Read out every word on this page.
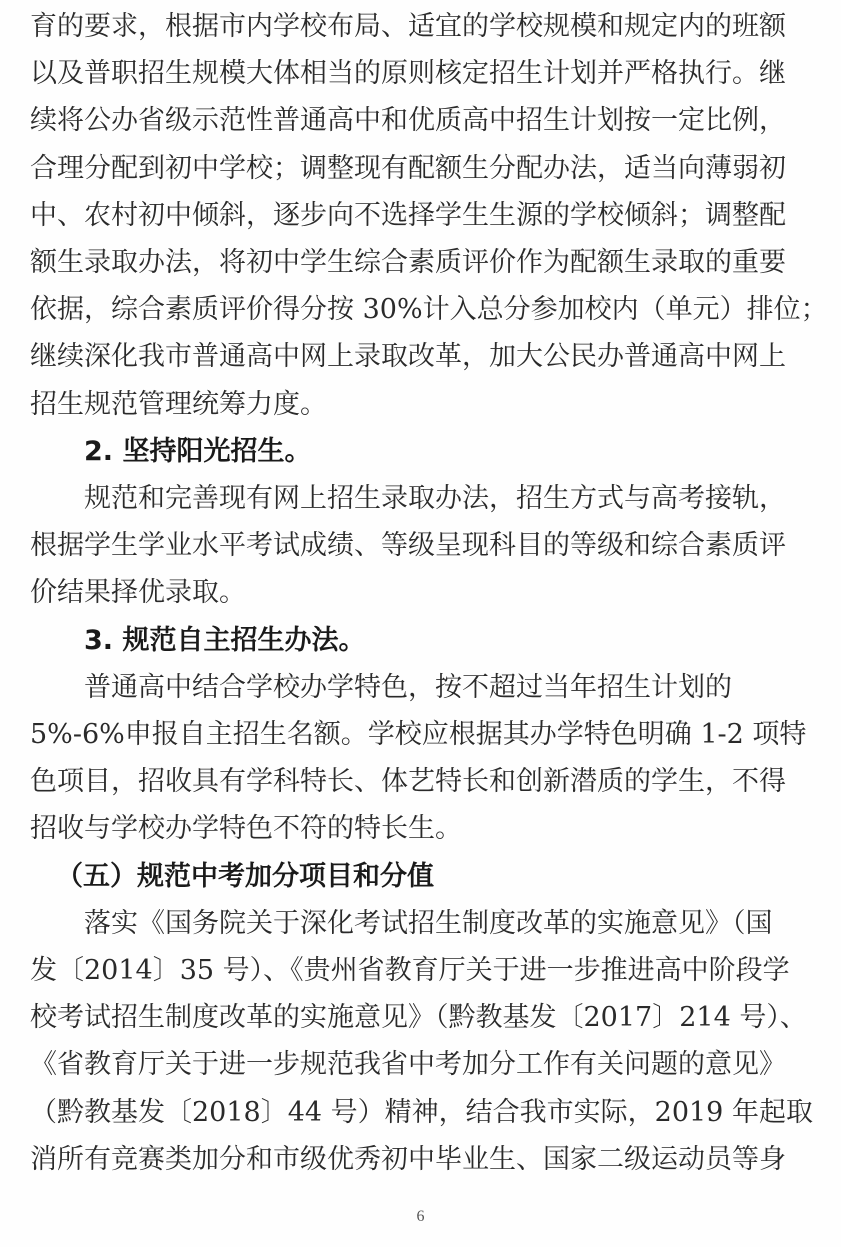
6
育的要求，根据市内学校布局、适宜的学校规模和规定内的班额
以及普职招生规模大体相当的原则核定招生计划并严格执行。继
续将公办省级示范性普通高中和优质高中招生计划按一定比例，
合理分配到初中学校；调整现有配额生分配办法，适当向薄弱初
中、农村初中倾斜，逐步向不选择学生生源的学校倾斜；调整配
额生录取办法，将初中学生综合素质评价作为配额生录取的重要
依据，综合素质评价得分按 30%计入总分参加校内（单元）排位；
继续深化我市普通高中网上录取改革，加大公民办普通高中网上
招生规范管理统筹力度。
2. 坚持阳光招生。
规范和完善现有网上招生录取办法，招生方式与高考接轨，
根据学生学业水平考试成绩、等级呈现科目的等级和综合素质评
价结果择优录取。
3. 规范自主招生办法。
普通高中结合学校办学特色，按不超过当年招生计划的
5%-6%申报自主招生名额。学校应根据其办学特色明确 1-2 项特
色项目，招收具有学科特长、体艺特长和创新潜质的学生，不得
招收与学校办学特色不符的特长生。
（五）规范中考加分项目和分值
落实《国务院关于深化考试招生制度改革的实施意见》（国
发〔2014〕35 号）、《贵州省教育厅关于进一步推进高中阶段学
校考试招生制度改革的实施意见》（黔教基发〔2017〕214 号）、
《省教育厅关于进一步规范我省中考加分工作有关问题的意见》
（黔教基发〔2018〕44 号）精神，结合我市实际，2019 年起取
消所有竞赛类加分和市级优秀初中毕业生、国家二级运动员等身
